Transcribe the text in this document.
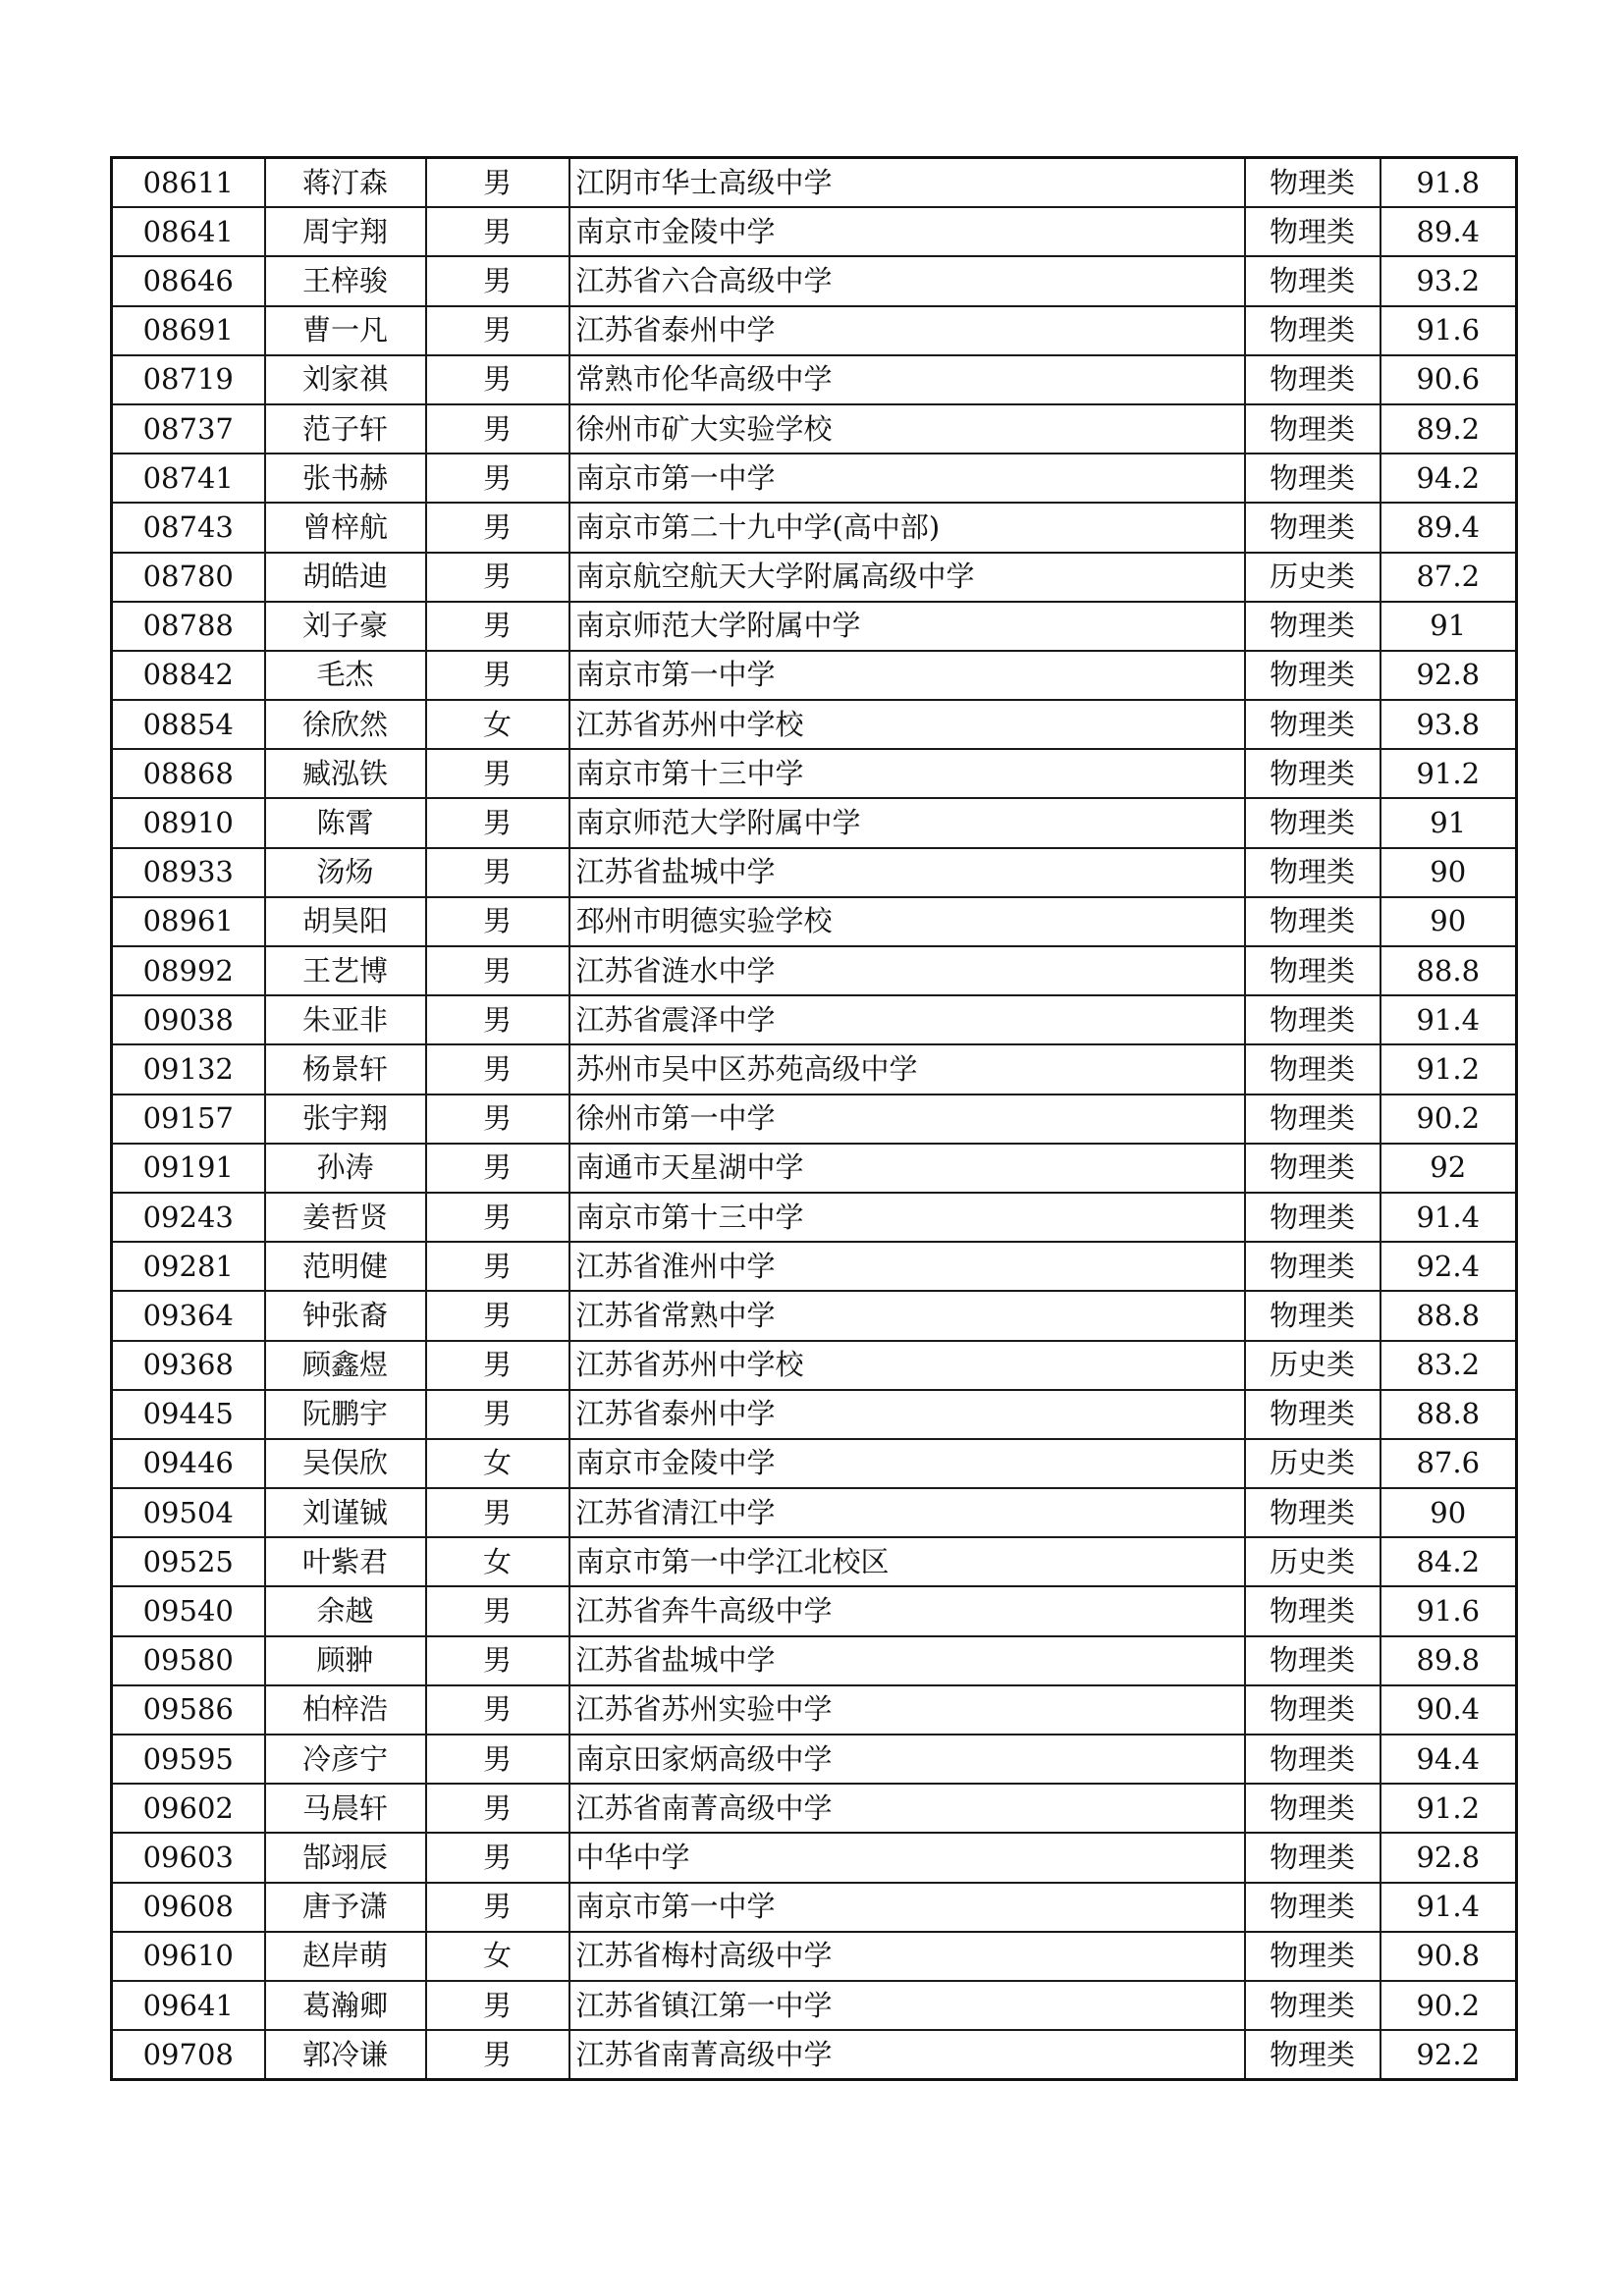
08611	蒋汀森	男	江阴市华士高级中学	物理类	91.8
08641	周宇翔	男	南京市金陵中学	物理类	89.4
08646	王梓骏	男	江苏省六合高级中学	物理类	93.2
08691	曹一凡	男	江苏省泰州中学	物理类	91.6
08719	刘家祺	男	常熟市伦华高级中学	物理类	90.6
08737	范子轩	男	徐州市矿大实验学校	物理类	89.2
08741	张书赫	男	南京市第一中学	物理类	94.2
08743	曾梓航	男	南京市第二十九中学(高中部)	物理类	89.4
08780	胡皓迪	男	南京航空航天大学附属高级中学	历史类	87.2
08788	刘子豪	男	南京师范大学附属中学	物理类	91
08842	毛杰	男	南京市第一中学	物理类	92.8
08854	徐欣然	女	江苏省苏州中学校	物理类	93.8
08868	臧泓铁	男	南京市第十三中学	物理类	91.2
08910	陈霄	男	南京师范大学附属中学	物理类	91
08933	汤炀	男	江苏省盐城中学	物理类	90
08961	胡昊阳	男	邳州市明德实验学校	物理类	90
08992	王艺博	男	江苏省涟水中学	物理类	88.8
09038	朱亚非	男	江苏省震泽中学	物理类	91.4
09132	杨景轩	男	苏州市吴中区苏苑高级中学	物理类	91.2
09157	张宇翔	男	徐州市第一中学	物理类	90.2
09191	孙涛	男	南通市天星湖中学	物理类	92
09243	姜哲贤	男	南京市第十三中学	物理类	91.4
09281	范明健	男	江苏省淮州中学	物理类	92.4
09364	钟张裔	男	江苏省常熟中学	物理类	88.8
09368	顾鑫煜	男	江苏省苏州中学校	历史类	83.2
09445	阮鹏宇	男	江苏省泰州中学	物理类	88.8
09446	吴俣欣	女	南京市金陵中学	历史类	87.6
09504	刘谨铖	男	江苏省清江中学	物理类	90
09525	叶紫君	女	南京市第一中学江北校区	历史类	84.2
09540	余越	男	江苏省奔牛高级中学	物理类	91.6
09580	顾翀	男	江苏省盐城中学	物理类	89.8
09586	柏梓浩	男	江苏省苏州实验中学	物理类	90.4
09595	冷彦宁	男	南京田家炳高级中学	物理类	94.4
09602	马晨轩	男	江苏省南菁高级中学	物理类	91.2
09603	郜翊辰	男	中华中学	物理类	92.8
09608	唐予潇	男	南京市第一中学	物理类	91.4
09610	赵岸萌	女	江苏省梅村高级中学	物理类	90.8
09641	葛瀚卿	男	江苏省镇江第一中学	物理类	90.2
09708	郭冷谦	男	江苏省南菁高级中学	物理类	92.2
